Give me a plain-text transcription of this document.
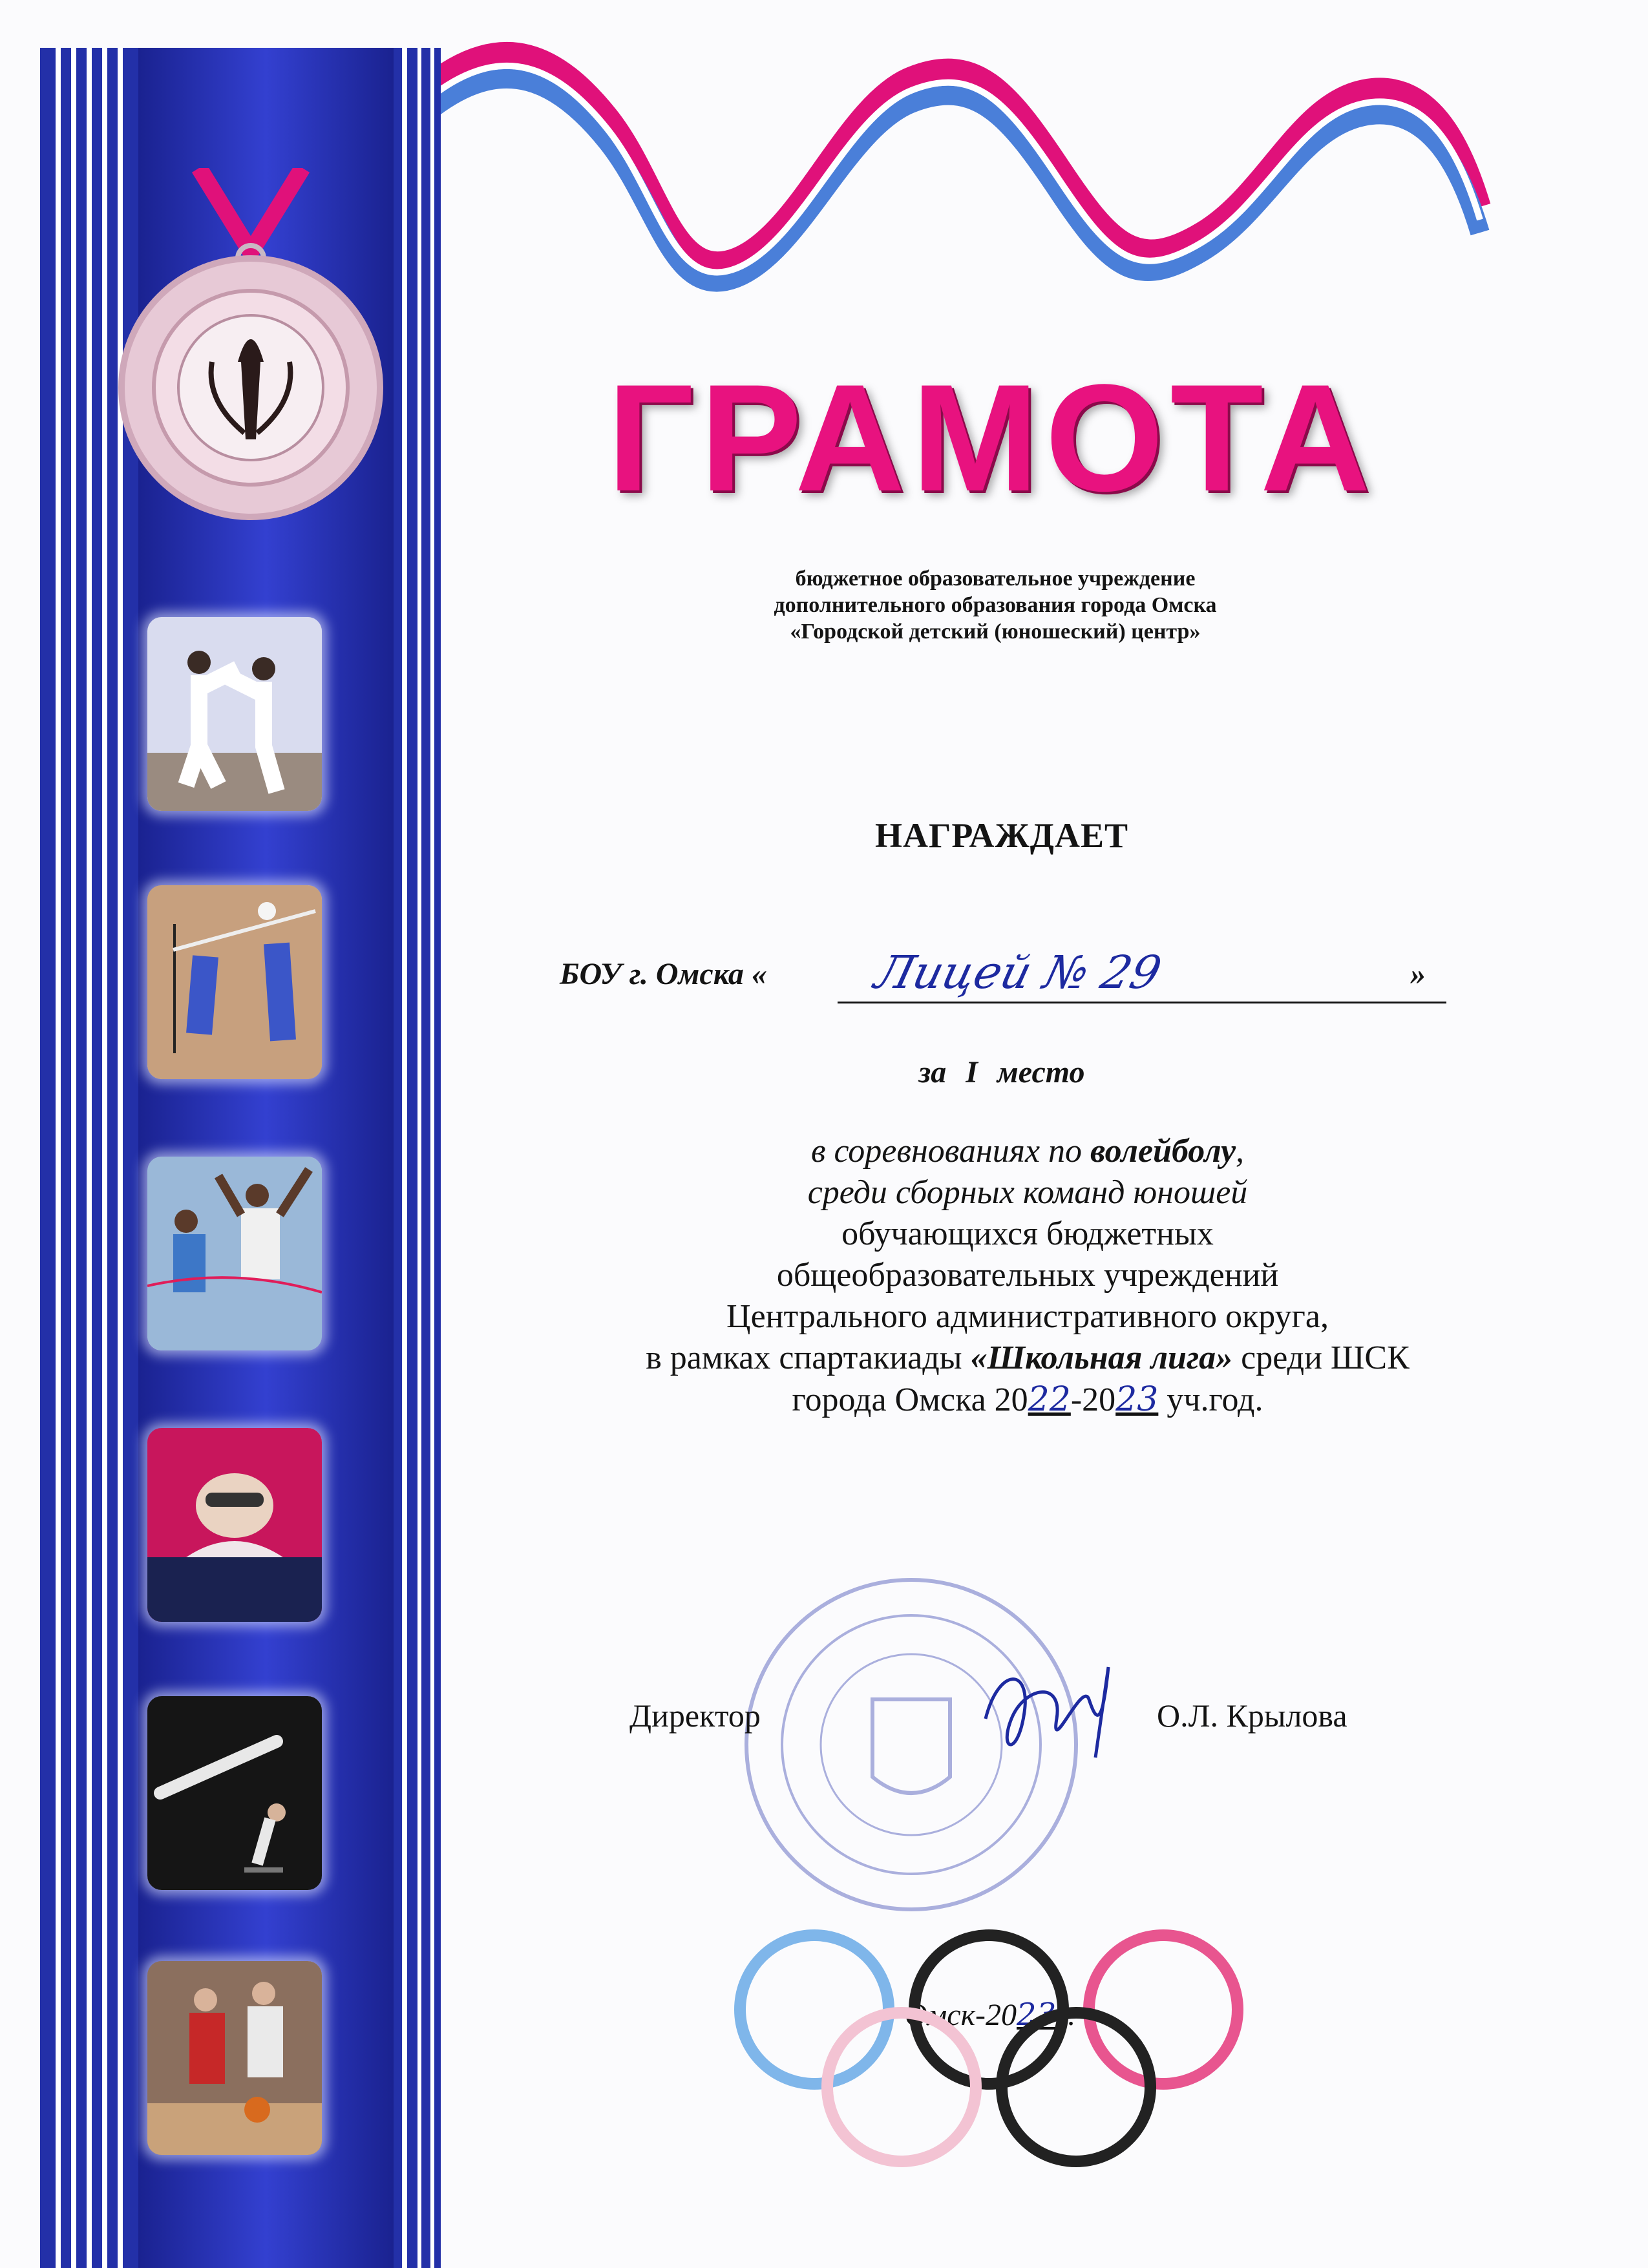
ГРАМОТА
бюджетное образовательное учреждение
дополнительного образования города Омска
«Городской детский (юношеский) центр»
НАГРАЖДАЕТ
БОУ г. Омска « Лицей № 29	»
за I место
в соревнованиях по волейболу,
среди сборных команд юношей
обучающихся бюджетных
общеобразовательных учреждений
Центрального административного округа,
в рамках спартакиады «Школьная лига» среди ШСК
города Омска 2022-2023 уч.год.
Директор	О.Л. Крылова
Омск-2023г.
